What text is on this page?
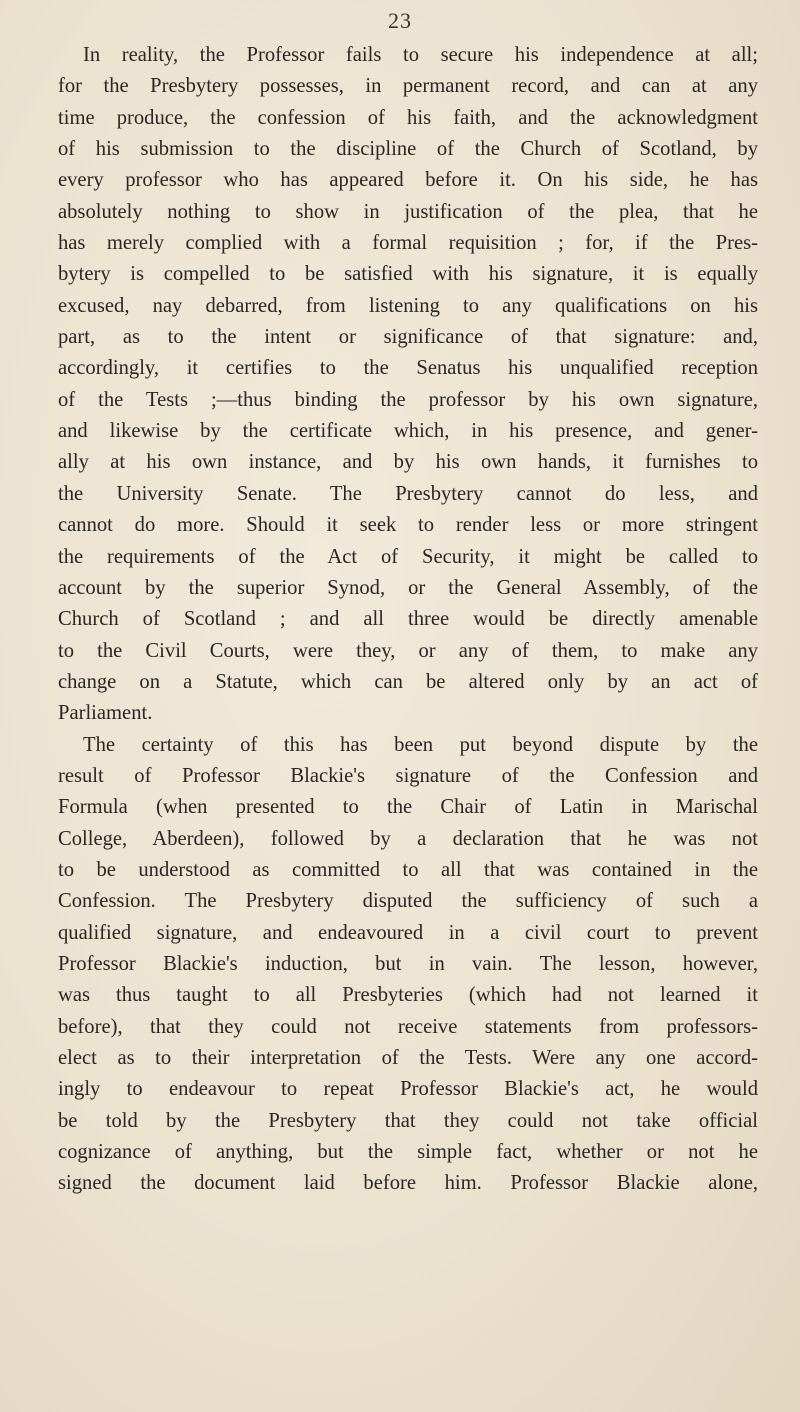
23
In reality, the Professor fails to secure his independence at all;
for the Presbytery possesses, in permanent record, and can at any
time produce, the confession of his faith, and the acknowledgment
of his submission to the discipline of the Church of Scotland, by
every professor who has appeared before it. On his side, he has
absolutely nothing to show in justification of the plea, that he
has merely complied with a formal requisition ; for, if the Pres-
bytery is compelled to be satisfied with his signature, it is equally
excused, nay debarred, from listening to any qualifications on his
part, as to the intent or significance of that signature: and,
accordingly, it certifies to the Senatus his unqualified reception
of the Tests ;—thus binding the professor by his own signature,
and likewise by the certificate which, in his presence, and gener-
ally at his own instance, and by his own hands, it furnishes to
the University Senate. The Presbytery cannot do less, and
cannot do more. Should it seek to render less or more stringent
the requirements of the Act of Security, it might be called to
account by the superior Synod, or the General Assembly, of the
Church of Scotland ; and all three would be directly amenable
to the Civil Courts, were they, or any of them, to make any
change on a Statute, which can be altered only by an act of
Parliament.
The certainty of this has been put beyond dispute by the
result of Professor Blackie's signature of the Confession and
Formula (when presented to the Chair of Latin in Marischal
College, Aberdeen), followed by a declaration that he was not
to be understood as committed to all that was contained in the
Confession. The Presbytery disputed the sufficiency of such a
qualified signature, and endeavoured in a civil court to prevent
Professor Blackie's induction, but in vain. The lesson, however,
was thus taught to all Presbyteries (which had not learned it
before), that they could not receive statements from professors-
elect as to their interpretation of the Tests. Were any one accord-
ingly to endeavour to repeat Professor Blackie's act, he would
be told by the Presbytery that they could not take official
cognizance of anything, but the simple fact, whether or not he
signed the document laid before him. Professor Blackie alone,
